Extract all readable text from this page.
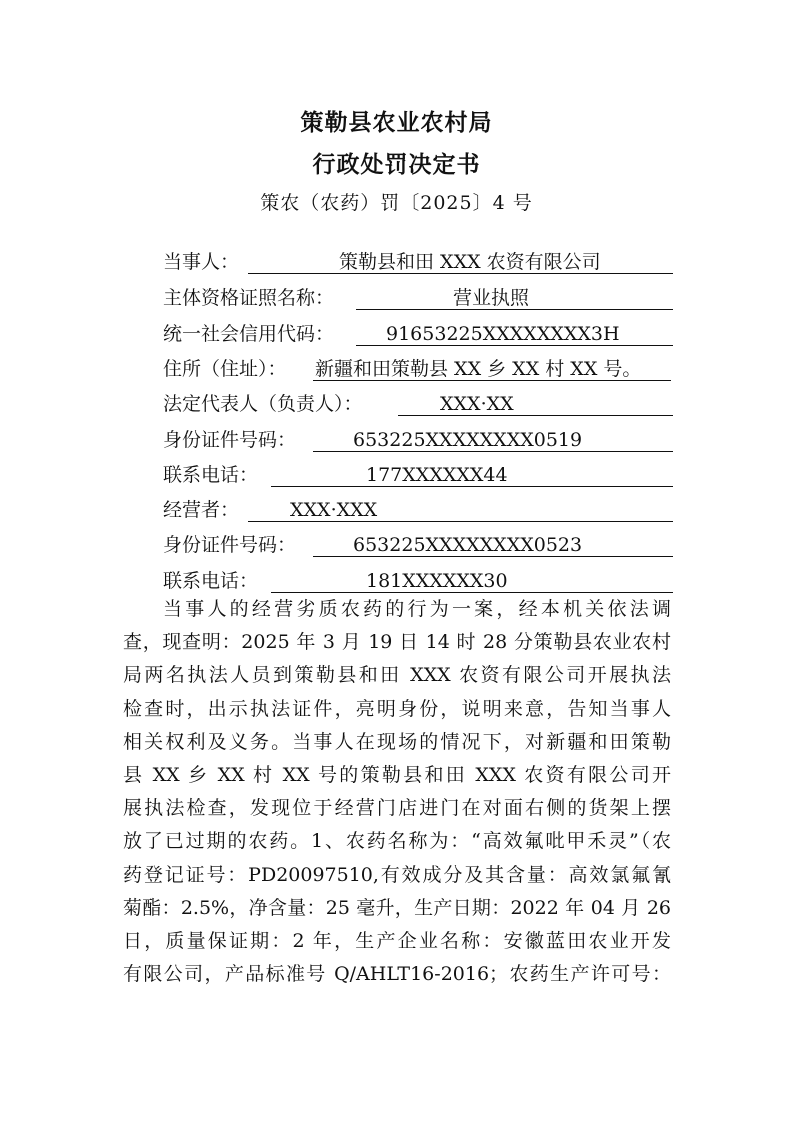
策勒县农业农村局
行政处罚决定书
策农（农药）罚〔2025〕4 号
当事人：	策勒县和田 XXX 农资有限公司
主体资格证照名称：	营业执照
统一社会信用代码：	91653225XXXXXXXX3H
住所（住址）： 新疆和田策勒县 XX 乡 XX 村 XX 号。
法定代表人（负责人）：	XXX·XX
身份证件号码：	653225XXXXXXXX0519
联系电话：	177XXXXXX44
经营者：	XXX·XXX
身份证件号码：	653225XXXXXXXX0523
联系电话：	181XXXXXX30
当事人的经营劣质农药的行为一案，经本机关依法调
查，现查明：2025 年 3 月 19 日 14 时 28 分策勒县农业农村
局两名执法人员到策勒县和田 XXX 农资有限公司开展执法
检查时，出示执法证件，亮明身份，说明来意，告知当事人
相关权利及义务。当事人在现场的情况下，对新疆和田策勒
县 XX 乡 XX 村 XX 号的策勒县和田 XXX 农资有限公司开
展执法检查，发现位于经营门店进门在对面右侧的货架上摆
放了已过期的农药。1、农药名称为：“高效氟吡甲禾灵”（农
药登记证号：PD20097510,有效成分及其含量：高效氯氟氰
菊酯：2.5%，净含量：25 毫升，生产日期：2022 年 04 月 26
日，质量保证期：2 年，生产企业名称：安徽蓝田农业开发
有限公司，产品标准号 Q/AHLT16-2016；农药生产许可号：
